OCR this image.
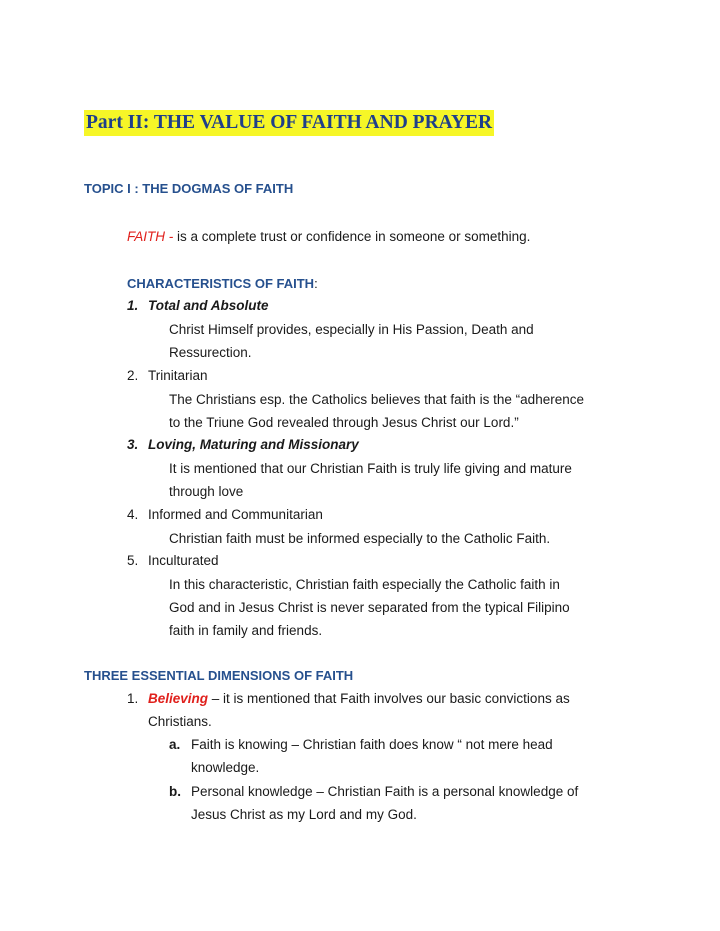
Part II: THE VALUE OF FAITH AND PRAYER
TOPIC I : THE DOGMAS OF FAITH
FAITH - is a complete trust or confidence in someone or something.
CHARACTERISTICS OF FAITH:
1. Total and Absolute
Christ Himself provides, especially in His Passion, Death and
Ressurection.
2. Trinitarian
The Christians esp. the Catholics believes that faith is the “adherence
to the Triune God revealed through Jesus Christ our Lord.”
3. Loving, Maturing and Missionary
It is mentioned that our Christian Faith is truly life giving and mature
through love
4. Informed and Communitarian
Christian faith must be informed especially to the Catholic Faith.
5. Inculturated
In this characteristic, Christian faith especially the Catholic faith in
God and in Jesus Christ is never separated from the typical Filipino
faith in family and friends.
THREE ESSENTIAL DIMENSIONS OF FAITH
1. Believing – it is mentioned that Faith involves our basic convictions as
Christians.
a. Faith is knowing – Christian faith does know “ not mere head
knowledge.
b. Personal knowledge – Christian Faith is a personal knowledge of
Jesus Christ as my Lord and my God.
